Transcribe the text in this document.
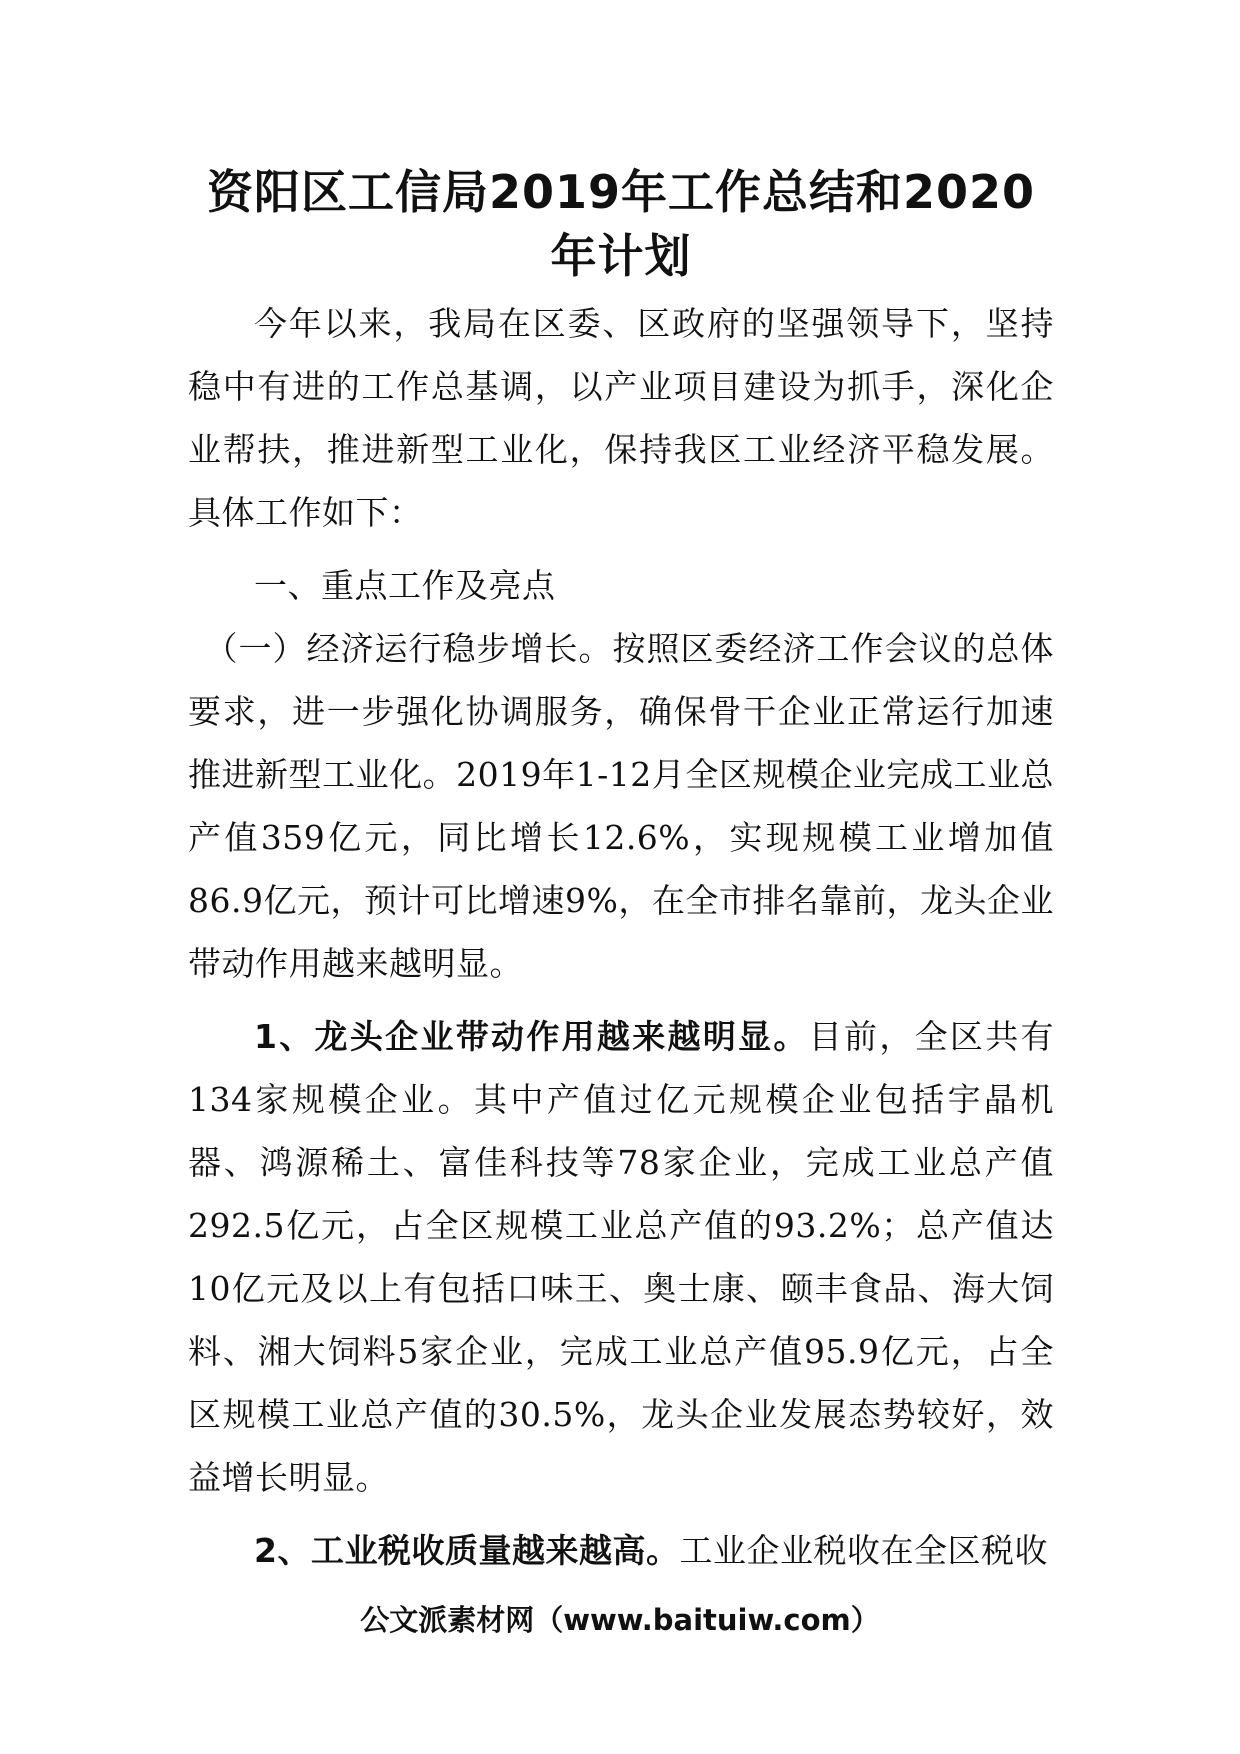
资阳区工信局2019年工作总结和2020年计划

今年以来，我局在区委、区政府的坚强领导下，坚持稳中有进的工作总基调，以产业项目建设为抓手，深化企业帮扶，推进新型工业化，保持我区工业经济平稳发展。具体工作如下：

一、重点工作及亮点

（一）经济运行稳步增长。按照区委经济工作会议的总体要求，进一步强化协调服务，确保骨干企业正常运行加速推进新型工业化。2019年1-12月全区规模企业完成工业总产值359亿元，同比增长12.6%，实现规模工业增加值86.9亿元，预计可比增速9%，在全市排名靠前，龙头企业带动作用越来越明显。

1、龙头企业带动作用越来越明显。目前，全区共有134家规模企业。其中产值过亿元规模企业包括宇晶机器、鸿源稀土、富佳科技等78家企业，完成工业总产值292.5亿元，占全区规模工业总产值的93.2%；总产值达10亿元及以上有包括口味王、奥士康、颐丰食品、海大饲料、湘大饲料5家企业，完成工业总产值95.9亿元，占全区规模工业总产值的30.5%，龙头企业发展态势较好，效益增长明显。

2、工业税收质量越来越高。工业企业税收在全区税收

公文派素材网（www.baituiw.com）
